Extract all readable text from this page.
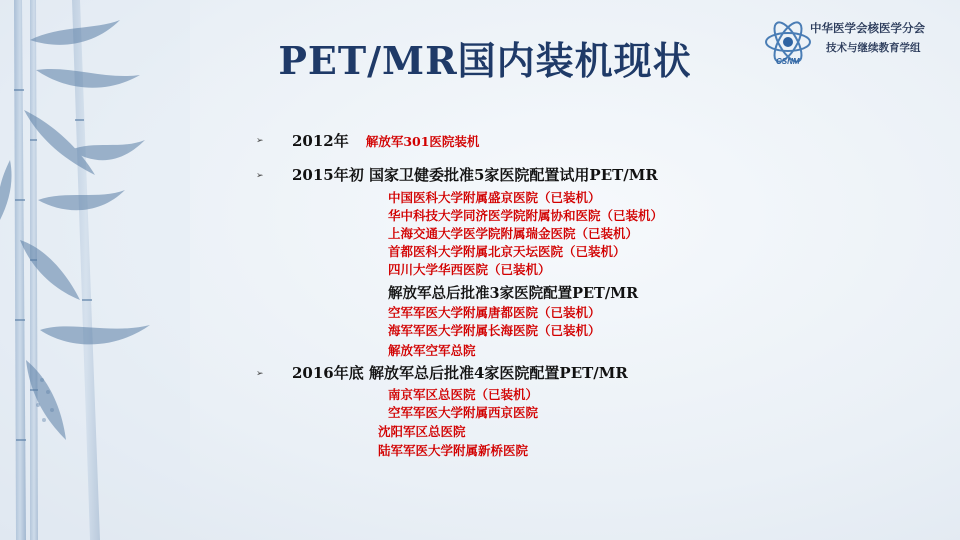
PET/MR国内装机现状	CSNM
中华医学会核医学分会
技术与继续教育学组
➢ 2012年 解放军301医院装机
➢ 2015年初 国家卫健委批准5家医院配置试用PET/MR
中国医科大学附属盛京医院（已装机）
华中科技大学同济医学院附属协和医院（已装机）
上海交通大学医学院附属瑞金医院（已装机）
首都医科大学附属北京天坛医院（已装机）
四川大学华西医院（已装机）
解放军总后批准3家医院配置PET/MR
空军军医大学附属唐都医院（已装机）
海军军医大学附属长海医院（已装机）
解放军空军总院
➢ 2016年底 解放军总后批准4家医院配置PET/MR
南京军区总医院（已装机）
空军军医大学附属西京医院
沈阳军区总医院
陆军军医大学附属新桥医院
